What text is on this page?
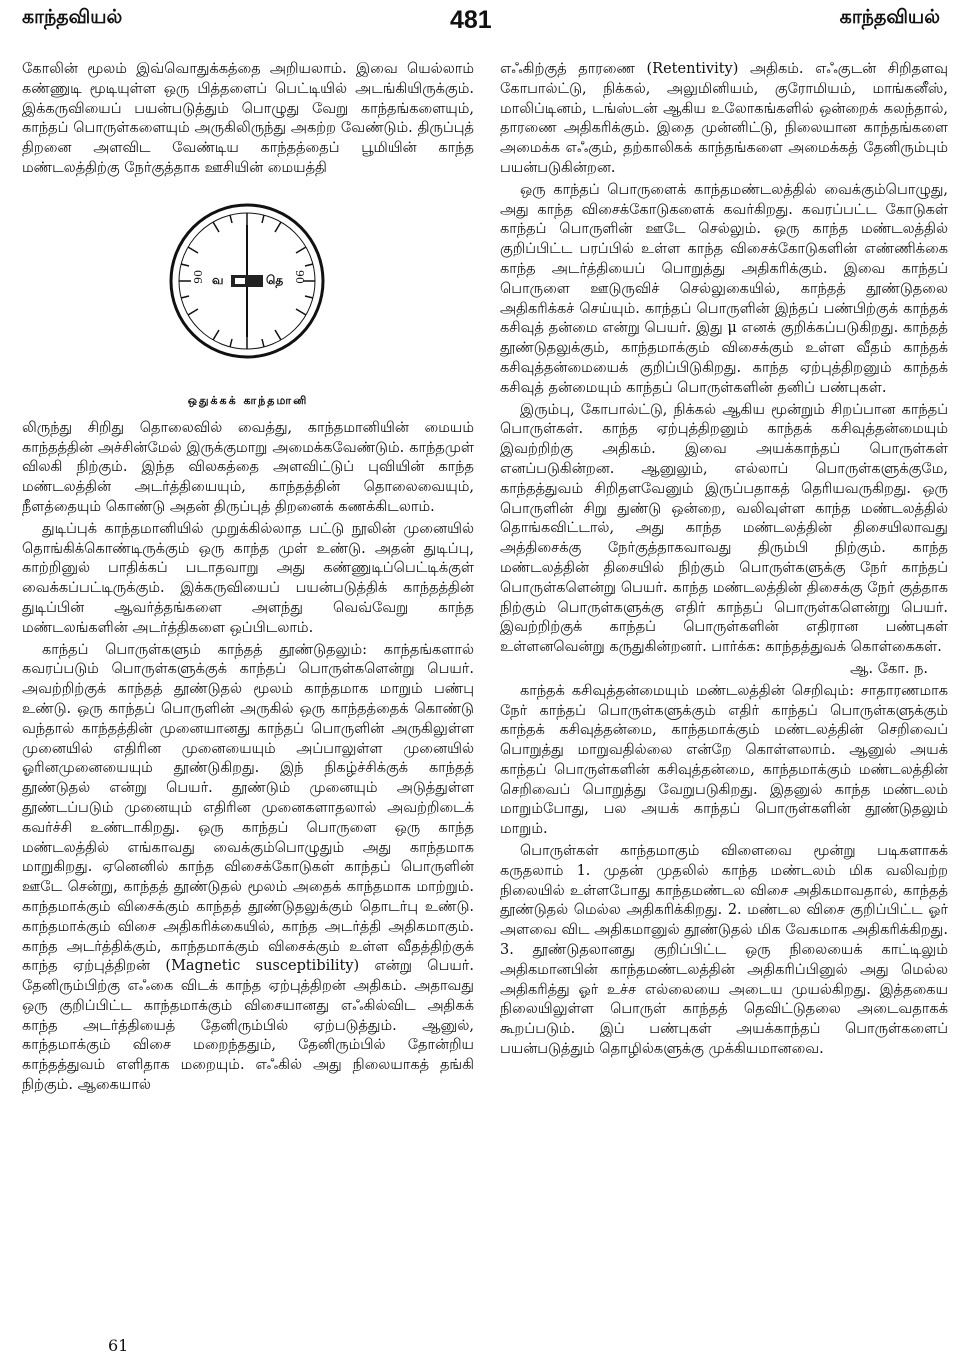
காந்தவியல்	481	காந்தவியல்

கோலின் மூலம் இவ்வொதுக்கத்தை அறியலாம். இவை யெல்லாம் கண்ணுடி மூடியுள்ள ஒரு பித்தளைப் பெட்டியில் அடங்கியிருக்கும். இக்கருவியைப் பயன்படுத்தும் பொழுது வேறு காந்தங்களையும், காந்தப் பொருள்களையும் அருகிலிருந்து அகற்ற வேண்டும். திருப்புத் திறனை அளவிட வேண்டிய காந்தத்தைப் பூமியின் காந்த மண்டலத்திற்கு நேர்குத்தாக ஊசியின் மையத்தி

90	90
வ	தெ
ஒதுக்கக் காந்தமானி

லிருந்து சிறிது தொலைவில் வைத்து, காந்தமானியின் மையம் காந்தத்தின் அச்சின்மேல் இருக்குமாறு அமைக்கவேண்டும். காந்தமுள் விலகி நிற்கும். இந்த விலகத்தை அளவிட்டுப் புவியின் காந்த மண்டலத்தின் அடர்த்தியையும், காந்தத்தின் தொலைவையும், நீளத்தையும் கொண்டு அதன் திருப்புத் திறனைக் கணக்கிடலாம்.

துடிப்புக் காந்தமானியில் முறுக்கில்லாத பட்டு நூலின் முனையில் தொங்கிக்கொண்டிருக்கும் ஒரு காந்த முள் உண்டு. அதன் துடிப்பு, காற்றினுல் பாதிக்கப் படாதவாறு அது கண்ணுடிப்பெட்டிக்குள் வைக்கப்பட்டிருக்கும். இக்கருவியைப் பயன்படுத்திக் காந்தத்தின் துடிப்பின் ஆவர்த்தங்களை அளந்து வெவ்வேறு காந்த மண்டலங்களின் அடர்த்திகளை ஒப்பிடலாம்.

காந்தப் பொருள்களும் காந்தத் தூண்டுதலும்: காந்தங்களால் கவரப்படும் பொருள்களுக்குக் காந்தப் பொருள்களென்று பெயர். அவற்றிற்குக் காந்தத் தூண்டுதல் மூலம் காந்தமாக மாறும் பண்பு உண்டு. ஒரு காந்தப் பொருளின் அருகில் ஒரு காந்தத்தைக் கொண்டு வந்தால் காந்தத்தின் முனையானது காந்தப் பொருளின் அருகிலுள்ள முனையில் எதிரின முனையையும் அப்பாலுள்ள முனையில் ஓரினமுனையையும் தூண்டுகிறது. இந் நிகழ்ச்சிக்குக் காந்தத் தூண்டுதல் என்று பெயர். தூண்டும் முனையும் அடுத்துள்ள தூண்டப்படும் முனையும் எதிரின முனைகளாதலால் அவற்றிடைக் கவர்ச்சி உண்டாகிறது. ஒரு காந்தப் பொருளை ஒரு காந்த மண்டலத்தில் எங்காவது வைக்கும்பொழுதும் அது காந்தமாக மாறுகிறது. ஏனெனில் காந்த விசைக்கோடுகள் காந்தப் பொருளின் ஊடே சென்று, காந்தத் தூண்டுதல் மூலம் அதைக் காந்தமாக மாற்றும். காந்தமாக்கும் விசைக்கும் காந்தத் தூண்டுதலுக்கும் தொடர்பு உண்டு. காந்தமாக்கும் விசை அதிகரிக்கையில், காந்த அடர்த்தி அதிகமாகும். காந்த அடர்த்திக்கும், காந்தமாக்கும் விசைக்கும் உள்ள வீதத்திற்குக் காந்த ஏற்புத்திறன் (Magnetic susceptibility) என்று பெயர். தேனிரும்பிற்கு எஃகை விடக் காந்த ஏற்புத்திறன் அதிகம். அதாவது ஒரு குறிப்பிட்ட காந்தமாக்கும் விசையானது எஃகில்விட அதிகக் காந்த அடர்த்தியைத் தேனிரும்பில் ஏற்படுத்தும். ஆனுல், காந்தமாக்கும் விசை மறைந்ததும், தேனிரும்பில் தோன்றிய காந்தத்துவம் எளிதாக மறையும். எஃகில் அது நிலையாகத் தங்கி நிற்கும். ஆகையால்

எஃகிற்குத் தாரணை (Retentivity) அதிகம். எஃகுடன் சிறிதளவு கோபால்ட்டு, நிக்கல், அலுமினியம், குரோமியம், மாங்கனீஸ், மாலிப்டினம், டங்ஸ்டன் ஆகிய உலோகங்களில் ஒன்றைக் கலந்தால், தாரணை அதிகரிக்கும். இதை முன்னிட்டு, நிலையான காந்தங்களை அமைக்க எஃகும், தற்காலிகக் காந்தங்களை அமைக்கத் தேனிரும்பும் பயன்படுகின்றன.

ஒரு காந்தப் பொருளைக் காந்தமண்டலத்தில் வைக்கும்பொழுது, அது காந்த விசைக்கோடுகளைக் கவர்கிறது. கவரப்பட்ட கோடுகள் காந்தப் பொருளின் ஊடே செல்லும். ஒரு காந்த மண்டலத்தில் குறிப்பிட்ட பரப்பில் உள்ள காந்த விசைக்கோடுகளின் எண்ணிக்கை காந்த அடர்த்தியைப் பொறுத்து அதிகரிக்கும். இவை காந்தப் பொருளை ஊடுருவிச் செல்லுகையில், காந்தத் தூண்டுதலை அதிகரிக்கச் செய்யும். காந்தப் பொருளின் இந்தப் பண்பிற்குக் காந்தக் கசிவுத் தன்மை என்று பெயர். இது μ எனக் குறிக்கப்படுகிறது. காந்தத் தூண்டுதலுக்கும், காந்தமாக்கும் விசைக்கும் உள்ள வீதம் காந்தக் கசிவுத்தன்மையைக் குறிப்பிடுகிறது. காந்த ஏற்புத்திறனும் காந்தக் கசிவுத் தன்மையும் காந்தப் பொருள்களின் தனிப் பண்புகள்.

இரும்பு, கோபால்ட்டு, நிக்கல் ஆகிய மூன்றும் சிறப்பான காந்தப் பொருள்கள். காந்த ஏற்புத்திறனும் காந்தக் கசிவுத்தன்மையும் இவற்றிற்கு அதிகம். இவை அயக்காந்தப் பொருள்கள் எனப்படுகின்றன. ஆனுலும், எல்லாப் பொருள்களுக்குமே, காந்தத்துவம் சிறிதளவேனும் இருப்பதாகத் தெரியவருகிறது. ஒரு பொருளின் சிறு துண்டு ஒன்றை, வலிவுள்ள காந்த மண்டலத்தில் தொங்கவிட்டால், அது காந்த மண்டலத்தின் திசையிலாவது அத்திசைக்கு நேர்குத்தாகவாவது திரும்பி நிற்கும். காந்த மண்டலத்தின் திசையில் நிற்கும் பொருள்களுக்கு நேர் காந்தப் பொருள்களென்று பெயர். காந்த மண்டலத்தின் திசைக்கு நேர் குத்தாக நிற்கும் பொருள்களுக்கு எதிர் காந்தப் பொருள்களென்று பெயர். இவற்றிற்குக் காந்தப் பொருள்களின் எதிரான பண்புகள் உள்ளனவென்று கருதுகின்றனர். பார்க்க: காந்தத்துவக் கொள்கைகள்.

ஆ. கோ. ந.

காந்தக் கசிவுத்தன்மையும் மண்டலத்தின் செறிவும்: சாதாரணமாக நேர் காந்தப் பொருள்களுக்கும் எதிர் காந்தப் பொருள்களுக்கும் காந்தக் கசிவுத்தன்மை, காந்தமாக்கும் மண்டலத்தின் செறிவைப் பொறுத்து மாறுவதில்லை என்றே கொள்ளலாம். ஆனுல் அயக் காந்தப் பொருள்களின் கசிவுத்தன்மை, காந்தமாக்கும் மண்டலத்தின் செறிவைப் பொறுத்து வேறுபடுகிறது. இதனுல் காந்த மண்டலம் மாறும்போது, பல அயக் காந்தப் பொருள்களின் தூண்டுதலும் மாறும்.

பொருள்கள் காந்தமாகும் விளைவை மூன்று படிகளாகக் கருதலாம் 1. முதன் முதலில் காந்த மண்டலம் மிக வலிவற்ற நிலையில் உள்ளபோது காந்தமண்டல விசை அதிகமாவதால், காந்தத் தூண்டுதல் மெல்ல அதிகரிக்கிறது. 2. மண்டல விசை குறிப்பிட்ட ஓர் அளவை விட அதிகமானுல் தூண்டுதல் மிக வேகமாக அதிகரிக்கிறது. 3. தூண்டுதலானது குறிப்பிட்ட ஒரு நிலையைக் காட்டிலும் அதிகமானபின் காந்தமண்டலத்தின் அதிகரிப்பினுல் அது மெல்ல அதிகரித்து ஓர் உச்ச எல்லையை அடைய முயல்கிறது. இத்தகைய நிலையிலுள்ள பொருள் காந்தத் தெவிட்டுதலை அடைவதாகக் கூறப்படும். இப் பண்புகள் அயக்காந்தப் பொருள்களைப் பயன்படுத்தும் தொழில்களுக்கு முக்கியமானவை.

61
